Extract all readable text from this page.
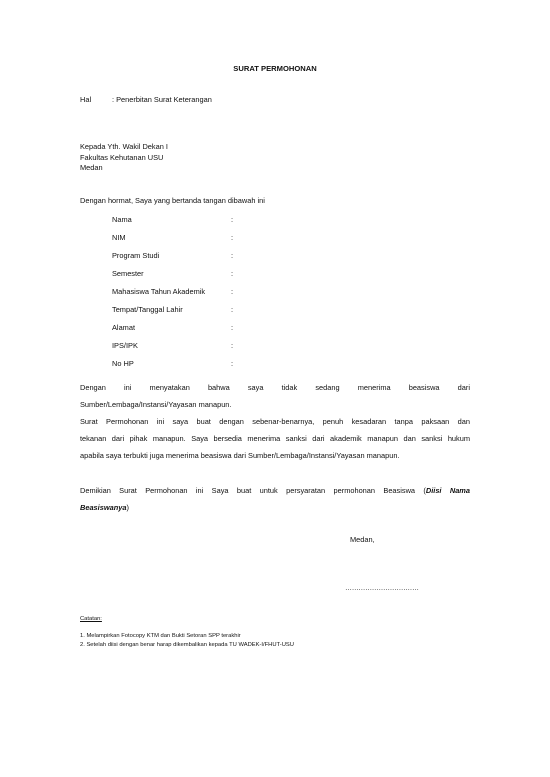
SURAT PERMOHONAN
Hal	: Penerbitan Surat Keterangan
Kepada Yth. Wakil Dekan I
Fakultas Kehutanan USU
Medan
Dengan hormat, Saya yang bertanda tangan dibawah ini
Nama	:
NIM	:
Program Studi	:
Semester	:
Mahasiswa Tahun Akademik	:
Tempat/Tanggal Lahir	:
Alamat	:
IPS/IPK	:
No HP	:
Dengan ini menyatakan bahwa saya tidak sedang menerima beasiswa dari
Sumber/Lembaga/Instansi/Yayasan manapun.
Surat Permohonan ini saya buat dengan sebenar-benarnya, penuh kesadaran tanpa paksaan dan
tekanan dari pihak manapun. Saya bersedia menerima sanksi dari akademik manapun dan sanksi hukum
apabila saya terbukti juga menerima beasiswa dari Sumber/Lembaga/Instansi/Yayasan manapun.
Demikian Surat Permohonan ini Saya buat untuk persyaratan permohonan Beasiswa (Diisi Nama
Beasiswanya)
Medan,
……………………………
Catatan:
1. Melampirkan Fotocopy KTM dan Bukti Setoran SPP terakhir
2. Setelah diisi dengan benar harap dikembalikan kepada TU WADEK-I/FHUT-USU
